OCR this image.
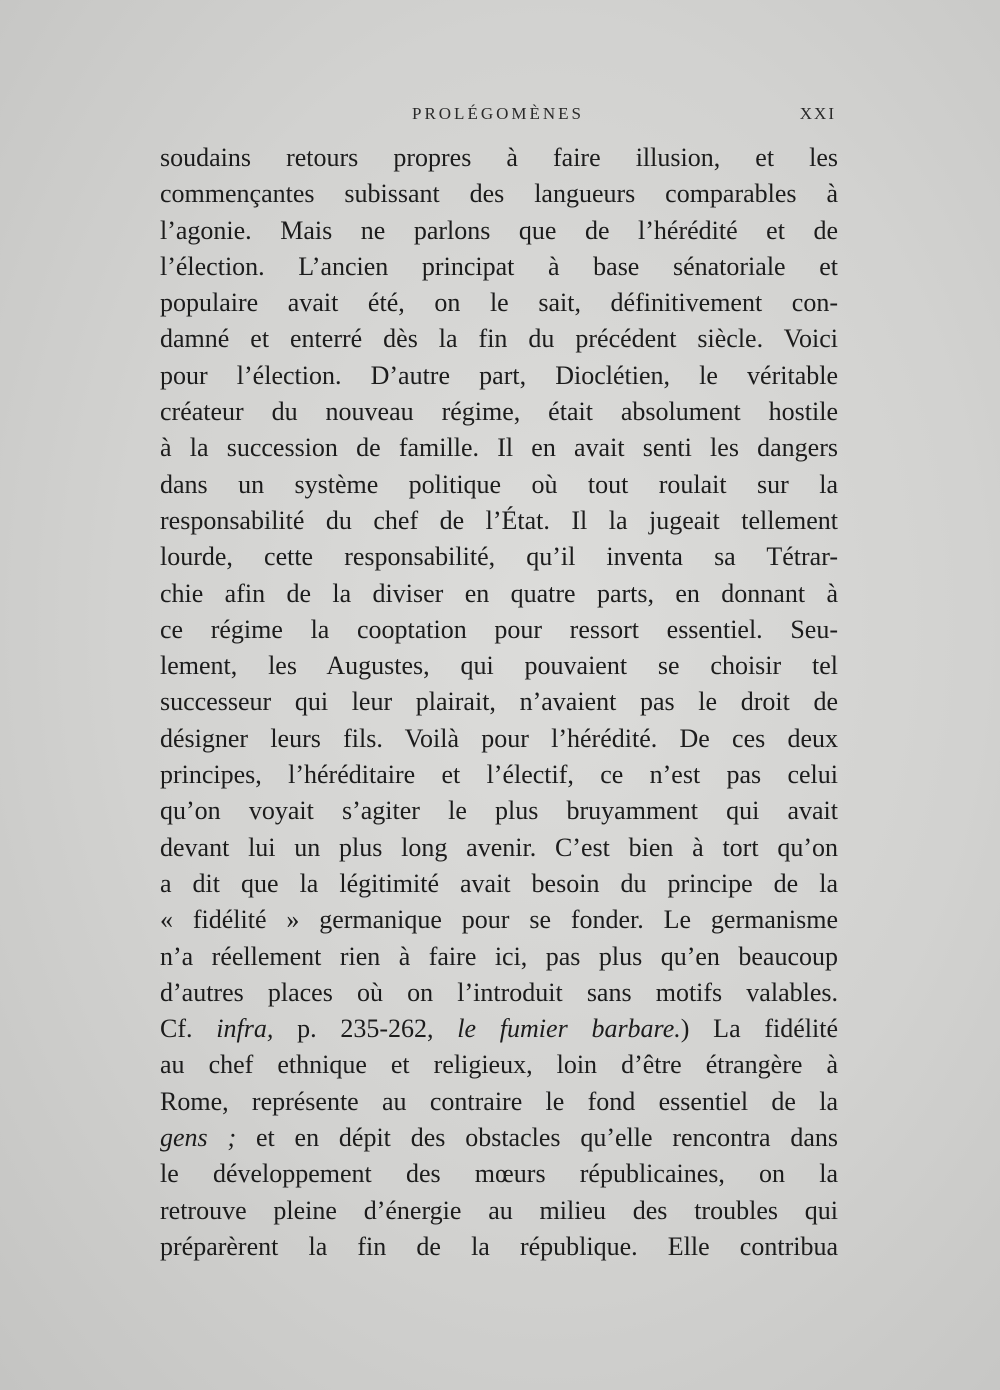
PROLÉGOMÈNES	XXI
soudains retours propres à faire illusion, et les
commençantes subissant des langueurs comparables à
l’agonie. Mais ne parlons que de l’hérédité et de
l’élection. L’ancien principat à base sénatoriale et
populaire avait été, on le sait, définitivement con-
damné et enterré dès la fin du précédent siècle. Voici
pour l’élection. D’autre part, Dioclétien, le véritable
créateur du nouveau régime, était absolument hostile
à la succession de famille. Il en avait senti les dangers
dans un système politique où tout roulait sur la
responsabilité du chef de l’État. Il la jugeait tellement
lourde, cette responsabilité, qu’il inventa sa Tétrar-
chie afin de la diviser en quatre parts, en donnant à
ce régime la cooptation pour ressort essentiel. Seu-
lement, les Augustes, qui pouvaient se choisir tel
successeur qui leur plairait, n’avaient pas le droit de
désigner leurs fils. Voilà pour l’hérédité. De ces deux
principes, l’héréditaire et l’électif, ce n’est pas celui
qu’on voyait s’agiter le plus bruyamment qui avait
devant lui un plus long avenir. C’est bien à tort qu’on
a dit que la légitimité avait besoin du principe de la
« fidélité » germanique pour se fonder. Le germanisme
n’a réellement rien à faire ici, pas plus qu’en beaucoup
d’autres places où on l’introduit sans motifs valables.
Cf. infra, p. 235-262, le fumier barbare.) La fidélité
au chef ethnique et religieux, loin d’être étrangère à
Rome, représente au contraire le fond essentiel de la
gens ; et en dépit des obstacles qu’elle rencontra dans
le développement des mœurs républicaines, on la
retrouve pleine d’énergie au milieu des troubles qui
préparèrent la fin de la république. Elle contribua
